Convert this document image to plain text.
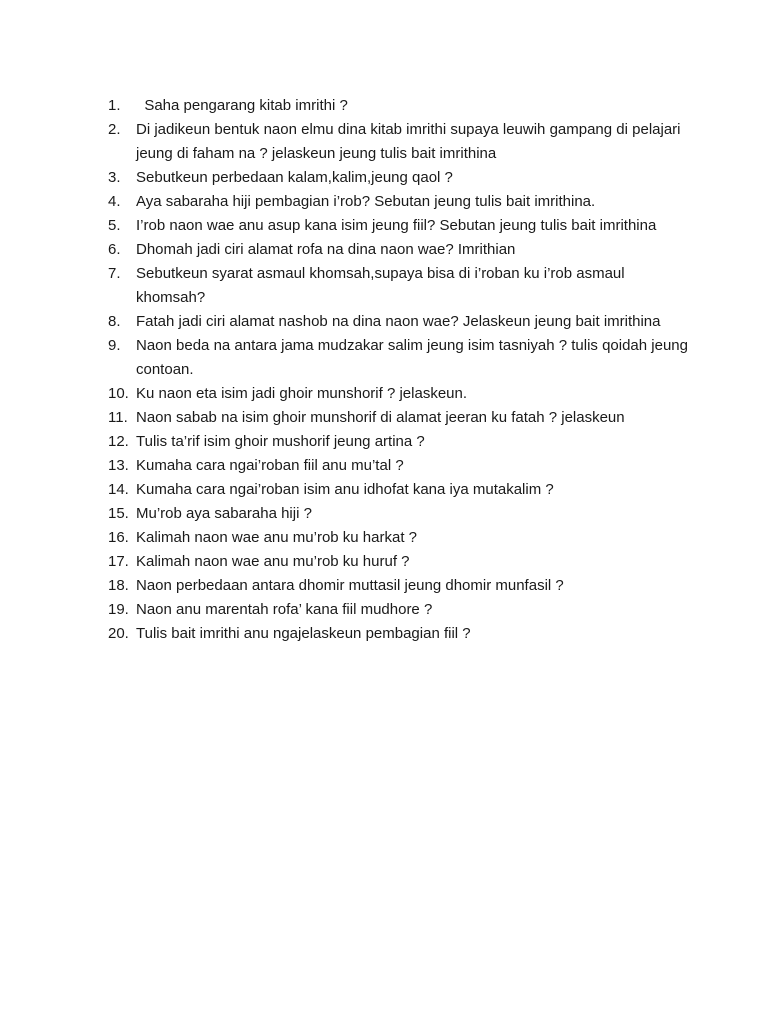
1.	Saha pengarang kitab imrithi ?
2.	Di jadikeun bentuk naon elmu dina kitab imrithi supaya leuwih gampang di pelajari jeung di faham na ? jelaskeun jeung tulis bait imrithina
3.	Sebutkeun perbedaan kalam,kalim,jeung qaol ?
4.	Aya sabaraha hiji pembagian i’rob? Sebutan jeung tulis bait imrithina.
5.	I’rob naon wae anu asup kana isim jeung fiil? Sebutan jeung tulis bait imrithina
6.	Dhomah jadi ciri alamat rofa na dina naon wae? Imrithian
7.	Sebutkeun syarat asmaul khomsah,supaya bisa di i’roban ku i’rob asmaul khomsah?
8.	Fatah jadi ciri alamat nashob na dina naon wae? Jelaskeun jeung bait imrithina
9.	Naon beda na antara jama mudzakar salim jeung isim tasniyah ? tulis qoidah jeung contoan.
10. Ku naon eta isim jadi ghoir munshorif ? jelaskeun.
11. Naon sabab na isim ghoir munshorif di alamat jeeran ku fatah ? jelaskeun
12. Tulis ta’rif isim ghoir mushorif jeung artina ?
13. Kumaha cara ngai’roban fiil anu mu’tal ?
14. Kumaha cara ngai’roban isim anu idhofat kana iya mutakalim ?
15. Mu’rob aya sabaraha hiji ?
16. Kalimah naon wae anu mu’rob ku harkat ?
17. Kalimah naon wae anu mu’rob ku huruf ?
18. Naon perbedaan antara dhomir muttasil jeung dhomir munfasil ?
19. Naon anu marentah rofa’ kana fiil mudhore ?
20. Tulis bait imrithi anu ngajelaskeun pembagian fiil ?
